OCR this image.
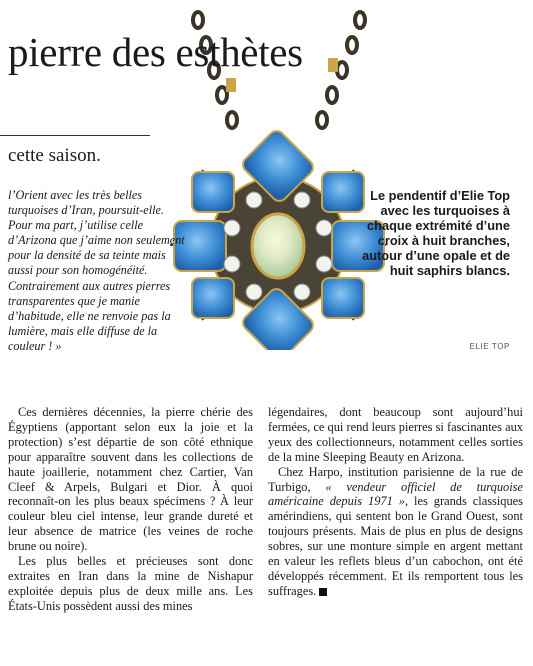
pierre des esthètes
cette saison.

l’Orient avec les très belles turquoises d’Iran, poursuit-elle. Pour ma part, j’utilise celle d’Arizona que j’aime non seulement pour la densité de sa teinte mais aussi pour son homogénéité. Contrairement aux autres pierres transparentes que je manie d’habitude, elle ne renvoie pas la lumière, mais elle diffuse de la couleur ! »

Le pendentif d’Elie Top avec les turquoises à chaque extrémité d’une croix à huit branches, autour d’une opale et de huit saphirs blancs.
ELIE TOP

Ces dernières décennies, la pierre chérie des Égyptiens (apportant selon eux la joie et la protection) s’est départie de son côté ethnique pour apparaître souvent dans les collections de haute joaillerie, notamment chez Cartier, Van Cleef & Arpels, Bulgari et Dior. À quoi reconnaît-on les plus beaux spécimens ? À leur couleur bleu ciel intense, leur grande dureté et leur absence de matrice (les veines de roche brune ou noire).

Les plus belles et précieuses sont donc extraites en Iran dans la mine de Nishapur exploitée depuis plus de deux mille ans. Les États-Unis possèdent aussi des mines

légendaires, dont beaucoup sont aujourd’hui fermées, ce qui rend leurs pierres si fascinantes aux yeux des collectionneurs, notamment celles sorties de la mine Sleeping Beauty en Arizona.

Chez Harpo, institution parisienne de la rue de Turbigo, « vendeur officiel de turquoise américaine depuis 1971 », les grands classiques amérindiens, qui sentent bon le Grand Ouest, sont toujours présents. Mais de plus en plus de designs sobres, sur une monture simple en argent mettant en valeur les reflets bleus d’un cabochon, ont été développés récemment. Et ils remportent tous les suffrages.
